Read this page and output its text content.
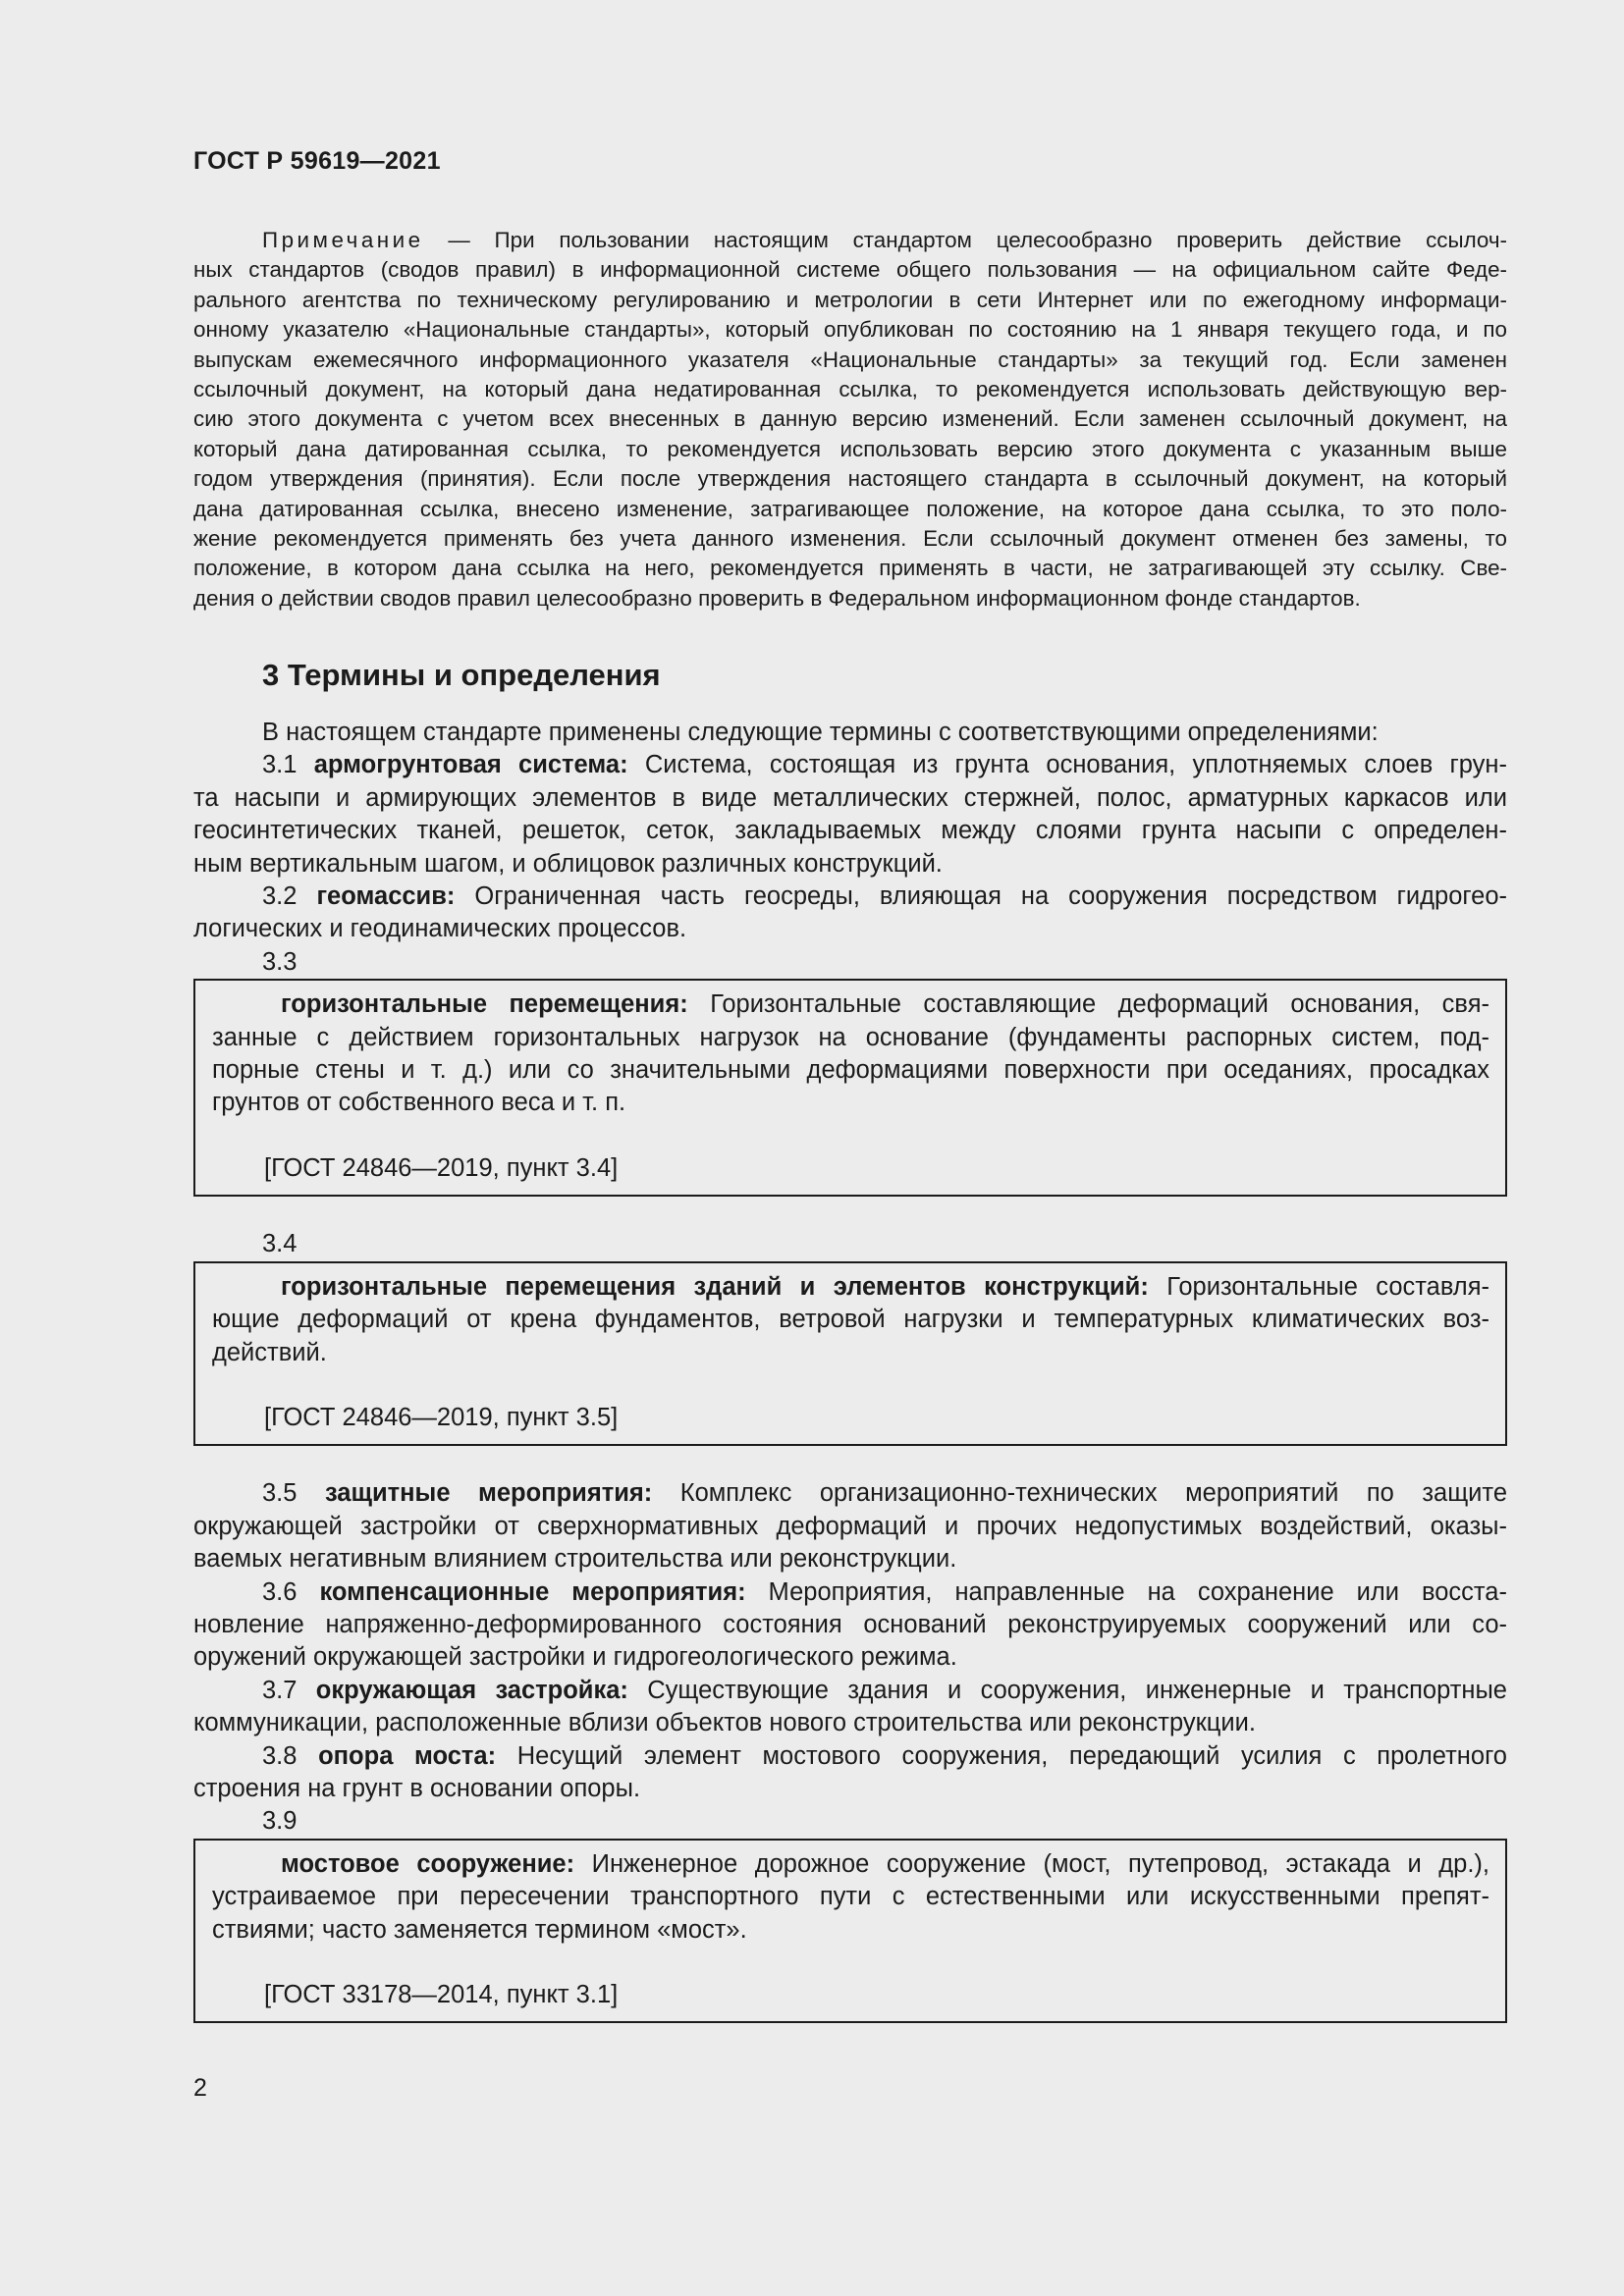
ГОСТ Р 59619—2021
Примечание — При пользовании настоящим стандартом целесообразно проверить действие ссылоч-
ных стандартов (сводов правил) в информационной системе общего пользования — на официальном сайте Феде-
рального агентства по техническому регулированию и метрологии в сети Интернет или по ежегодному информаци-
онному указателю «Национальные стандарты», который опубликован по состоянию на 1 января текущего года, и по
выпускам ежемесячного информационного указателя «Национальные стандарты» за текущий год. Если заменен
ссылочный документ, на который дана недатированная ссылка, то рекомендуется использовать действующую вер-
сию этого документа с учетом всех внесенных в данную версию изменений. Если заменен ссылочный документ, на
который дана датированная ссылка, то рекомендуется использовать версию этого документа с указанным выше
годом утверждения (принятия). Если после утверждения настоящего стандарта в ссылочный документ, на который
дана датированная ссылка, внесено изменение, затрагивающее положение, на которое дана ссылка, то это поло-
жение рекомендуется применять без учета данного изменения. Если ссылочный документ отменен без замены, то
положение, в котором дана ссылка на него, рекомендуется применять в части, не затрагивающей эту ссылку. Све-
дения о действии сводов правил целесообразно проверить в Федеральном информационном фонде стандартов.
3 Термины и определения
В настоящем стандарте применены следующие термины с соответствующими определениями:
3.1 армогрунтовая система: Система, состоящая из грунта основания, уплотняемых слоев грун-
та насыпи и армирующих элементов в виде металлических стержней, полос, арматурных каркасов или
геосинтетических тканей, решеток, сеток, закладываемых между слоями грунта насыпи с определен-
ным вертикальным шагом, и облицовок различных конструкций.
3.2 геомассив: Ограниченная часть геосреды, влияющая на сооружения посредством гидрогео-
логических и геодинамических процессов.
3.3
горизонтальные перемещения: Горизонтальные составляющие деформаций основания, свя-
занные с действием горизонтальных нагрузок на основание (фундаменты распорных систем, под-
порные стены и т. д.) или со значительными деформациями поверхности при оседаниях, просадках
грунтов от собственного веса и т. п.
[ГОСТ 24846—2019, пункт 3.4]
3.4
горизонтальные перемещения зданий и элементов конструкций: Горизонтальные составля-
ющие деформаций от крена фундаментов, ветровой нагрузки и температурных климатических воз-
действий.
[ГОСТ 24846—2019, пункт 3.5]
3.5 защитные мероприятия: Комплекс организационно-технических мероприятий по защите
окружающей застройки от сверхнормативных деформаций и прочих недопустимых воздействий, оказы-
ваемых негативным влиянием строительства или реконструкции.
3.6 компенсационные мероприятия: Мероприятия, направленные на сохранение или восста-
новление напряженно-деформированного состояния оснований реконструируемых сооружений или со-
оружений окружающей застройки и гидрогеологического режима.
3.7 окружающая застройка: Существующие здания и сооружения, инженерные и транспортные
коммуникации, расположенные вблизи объектов нового строительства или реконструкции.
3.8 опора моста: Несущий элемент мостового сооружения, передающий усилия с пролетного
строения на грунт в основании опоры.
3.9
мостовое сооружение: Инженерное дорожное сооружение (мост, путепровод, эстакада и др.),
устраиваемое при пересечении транспортного пути с естественными или искусственными препят-
ствиями; часто заменяется термином «мост».
[ГОСТ 33178—2014, пункт 3.1]
2
